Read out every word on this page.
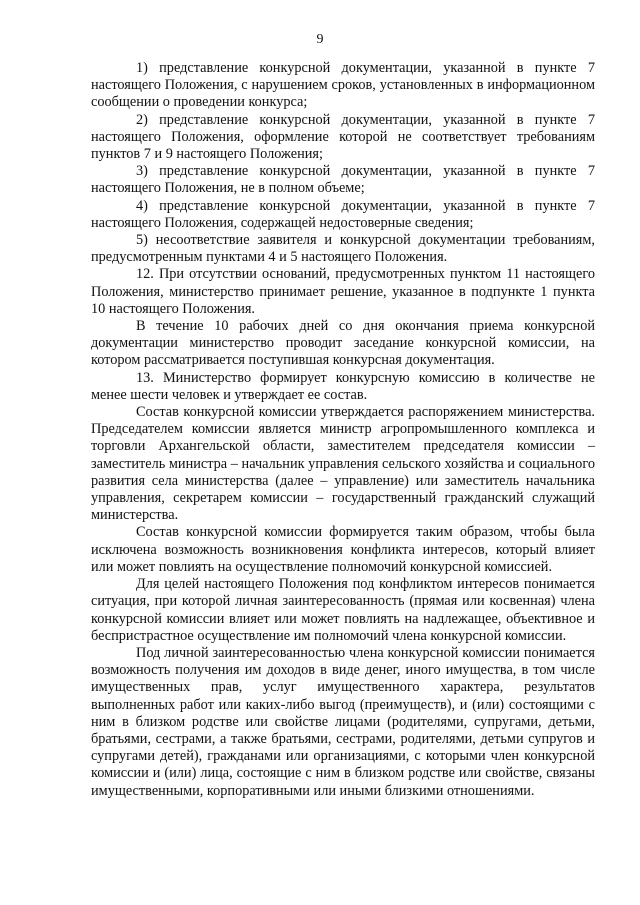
9

1) представление конкурсной документации, указанной в пункте 7 настоящего Положения, с нарушением сроков, установленных в информационном сообщении о проведении конкурса;

2) представление конкурсной документации, указанной в пункте 7 настоящего Положения, оформление которой не соответствует требованиям пунктов 7 и 9 настоящего Положения;

3) представление конкурсной документации, указанной в пункте 7 настоящего Положения, не в полном объеме;

4) представление конкурсной документации, указанной в пункте 7 настоящего Положения, содержащей недостоверные сведения;

5) несоответствие заявителя и конкурсной документации требованиям, предусмотренным пунктами 4 и 5 настоящего Положения.

12. При отсутствии оснований, предусмотренных пунктом 11 настоящего Положения, министерство принимает решение, указанное в подпункте 1 пункта 10 настоящего Положения.

В течение 10 рабочих дней со дня окончания приема конкурсной документации министерство проводит заседание конкурсной комиссии, на котором рассматривается поступившая конкурсная документация.

13. Министерство формирует конкурсную комиссию в количестве не менее шести человек и утверждает ее состав.

Состав конкурсной комиссии утверждается распоряжением министерства. Председателем комиссии является министр агропромышленного комплекса и торговли Архангельской области, заместителем председателя комиссии – заместитель министра – начальник управления сельского хозяйства и социального развития села министерства (далее – управление) или заместитель начальника управления, секретарем комиссии – государственный гражданский служащий министерства.

Состав конкурсной комиссии формируется таким образом, чтобы была исключена возможность возникновения конфликта интересов, который влияет или может повлиять на осуществление полномочий конкурсной комиссией.

Для целей настоящего Положения под конфликтом интересов понимается ситуация, при которой личная заинтересованность (прямая или косвенная) члена конкурсной комиссии влияет или может повлиять на надлежащее, объективное и беспристрастное осуществление им полномочий члена конкурсной комиссии.

Под личной заинтересованностью члена конкурсной комиссии понимается возможность получения им доходов в виде денег, иного имущества, в том числе имущественных прав, услуг имущественного характера, результатов выполненных работ или каких-либо выгод (преимуществ), и (или) состоящими с ним в близком родстве или свойстве лицами (родителями, супругами, детьми, братьями, сестрами, а также братьями, сестрами, родителями, детьми супругов и супругами детей), гражданами или организациями, с которыми член конкурсной комиссии и (или) лица, состоящие с ним в близком родстве или свойстве, связаны имущественными, корпоративными или иными близкими отношениями.
